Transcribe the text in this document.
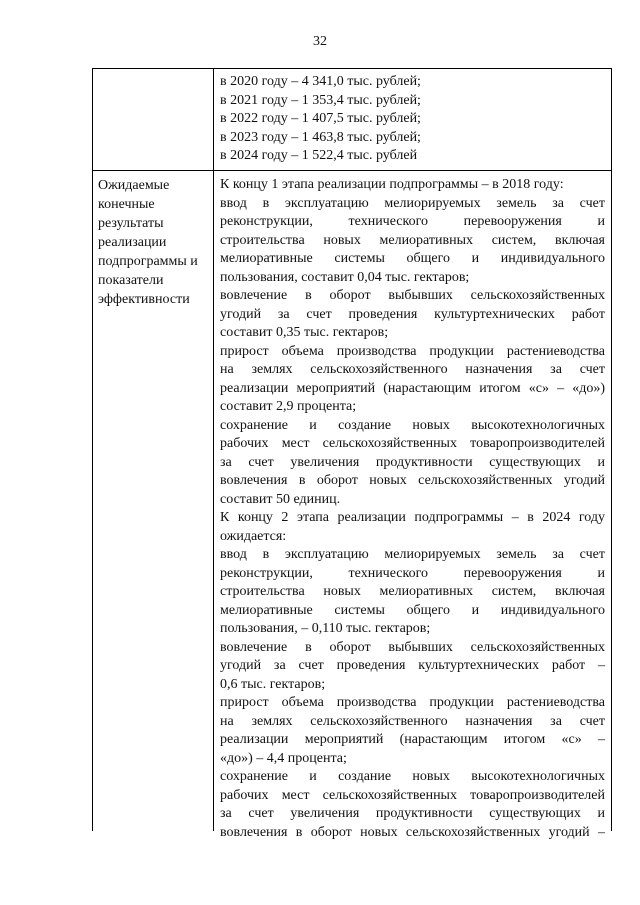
32
в 2020 году – 4 341,0 тыс. рублей;
в 2021 году – 1 353,4 тыс. рублей;
в 2022 году – 1 407,5 тыс. рублей;
в 2023 году – 1 463,8 тыс. рублей;
в 2024 году – 1 522,4 тыс. рублей
Ожидаемые
конечные
результаты
реализации
подпрограммы и
показатели
эффективности
К концу 1 этапа реализации подпрограммы – в 2018 году:
ввод в эксплуатацию мелиорируемых земель за счет
реконструкции, технического перевооружения и
строительства новых мелиоративных систем, включая
мелиоративные системы общего и индивидуального
пользования, составит 0,04 тыс. гектаров;
вовлечение в оборот выбывших сельскохозяйственных
угодий за счет проведения культуртехнических работ
составит 0,35 тыс. гектаров;
прирост объема производства продукции растениеводства
на землях сельскохозяйственного назначения за счет
реализации мероприятий (нарастающим итогом «с» – «до»)
составит 2,9 процента;
сохранение и создание новых высокотехнологичных
рабочих мест сельскохозяйственных товаропроизводителей
за счет увеличения продуктивности существующих и
вовлечения в оборот новых сельскохозяйственных угодий
составит 50 единиц.
К концу 2 этапа реализации подпрограммы – в 2024 году
ожидается:
ввод в эксплуатацию мелиорируемых земель за счет
реконструкции, технического перевооружения и
строительства новых мелиоративных систем, включая
мелиоративные системы общего и индивидуального
пользования, – 0,110 тыс. гектаров;
вовлечение в оборот выбывших сельскохозяйственных
угодий за счет проведения культуртехнических работ –
0,6 тыс. гектаров;
прирост объема производства продукции растениеводства
на землях сельскохозяйственного назначения за счет
реализации мероприятий (нарастающим итогом «с» –
«до») – 4,4 процента;
сохранение и создание новых высокотехнологичных
рабочих мест сельскохозяйственных товаропроизводителей
за счет увеличения продуктивности существующих и
вовлечения в оборот новых сельскохозяйственных угодий –
